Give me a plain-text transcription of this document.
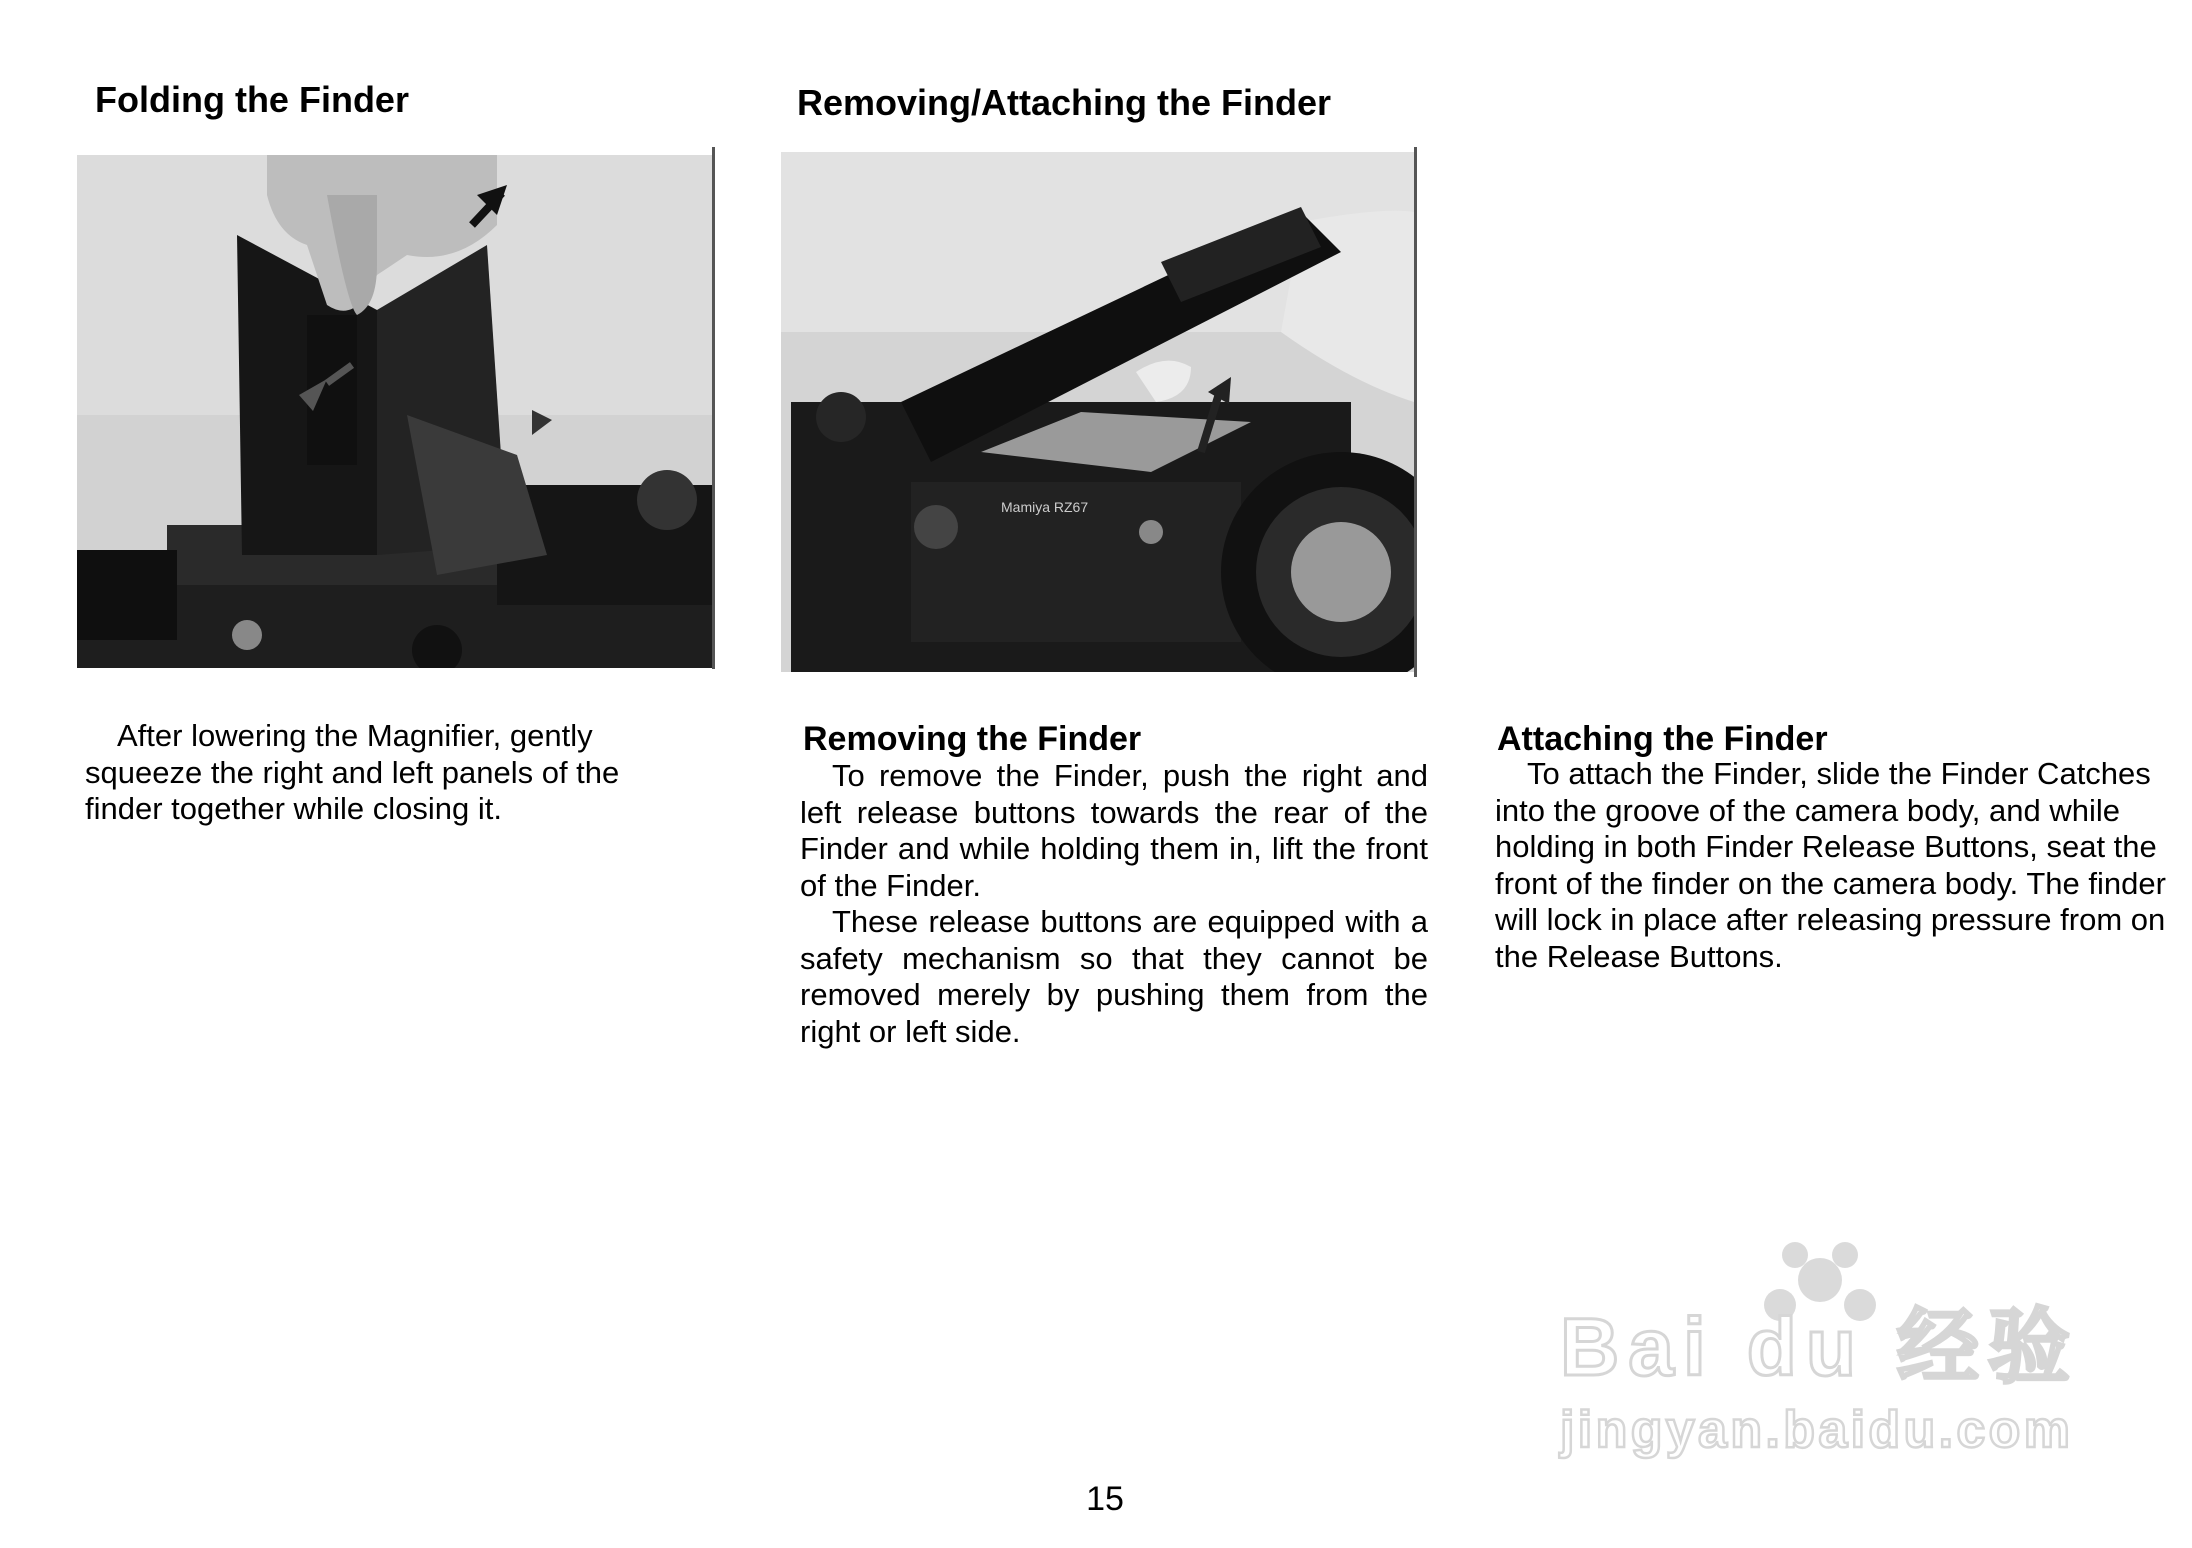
Folding the Finder

After lowering the Magnifier, gently squeeze the right and left panels of the finder together while closing it.

Removing/Attaching the Finder
Mamiya RZ67
Removing the Finder

To remove the Finder, push the right and left release buttons towards the rear of the Finder and while holding them in, lift the front of the Finder.

These release buttons are equipped with a safety mechanism so that they cannot be removed merely by pushing them from the right or left side.

Attaching the Finder

To attach the Finder, slide the Finder Catches into the groove of the camera body, and while holding in both Finder Release Buttons, seat the front of the finder on the camera body. The finder will lock in place after releasing pressure from on the Release Buttons.

15
Bai du 经验
jingyan.baidu.com
